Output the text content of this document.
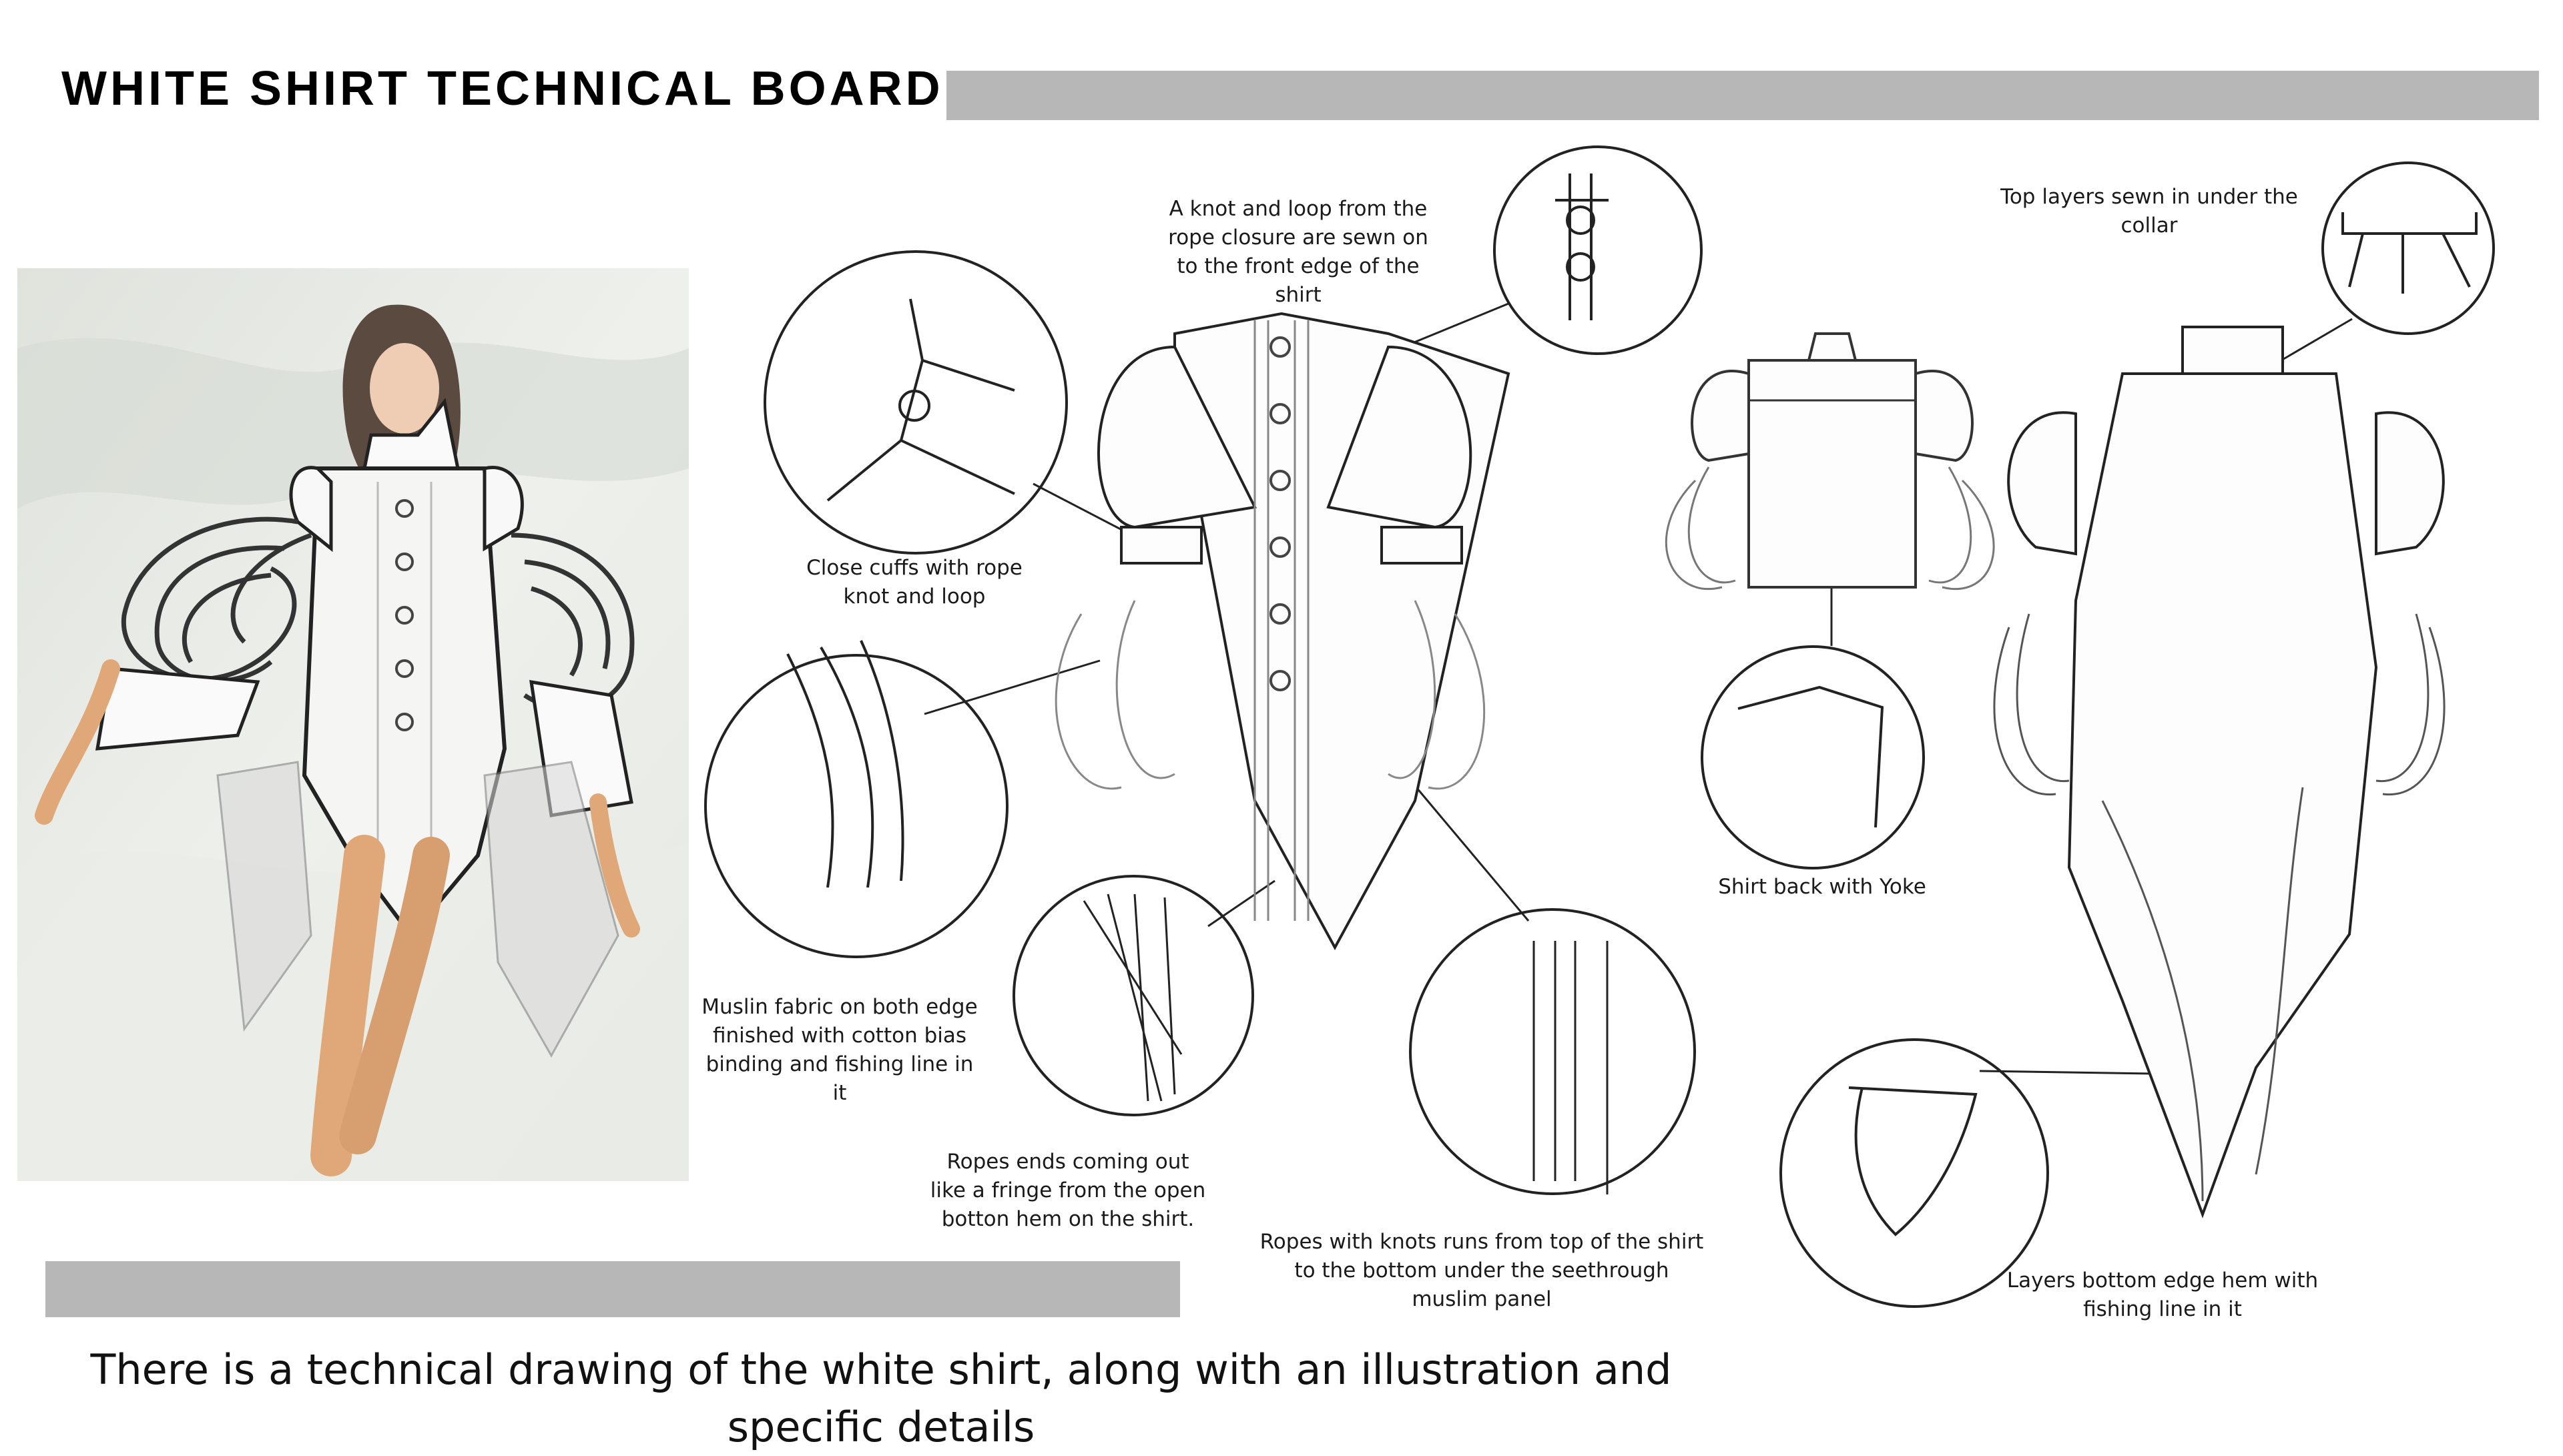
WHITE SHIRT TECHNICAL BOARD
A knot and loop from the rope closure are sewn on to the front edge of the shirt
Close cuffs with rope knot and loop
Muslin fabric on both edge finished with cotton bias binding and fishing line in it
Ropes ends coming out like a fringe from the open botton hem on the shirt.
Ropes with knots runs from top of the shirt to the bottom under the seethrough muslim panel
Shirt back with Yoke
Top layers sewn in under the collar
Layers bottom edge hem with fishing line in it
There is a technical drawing of the white shirt, along with an illustration and specific details
